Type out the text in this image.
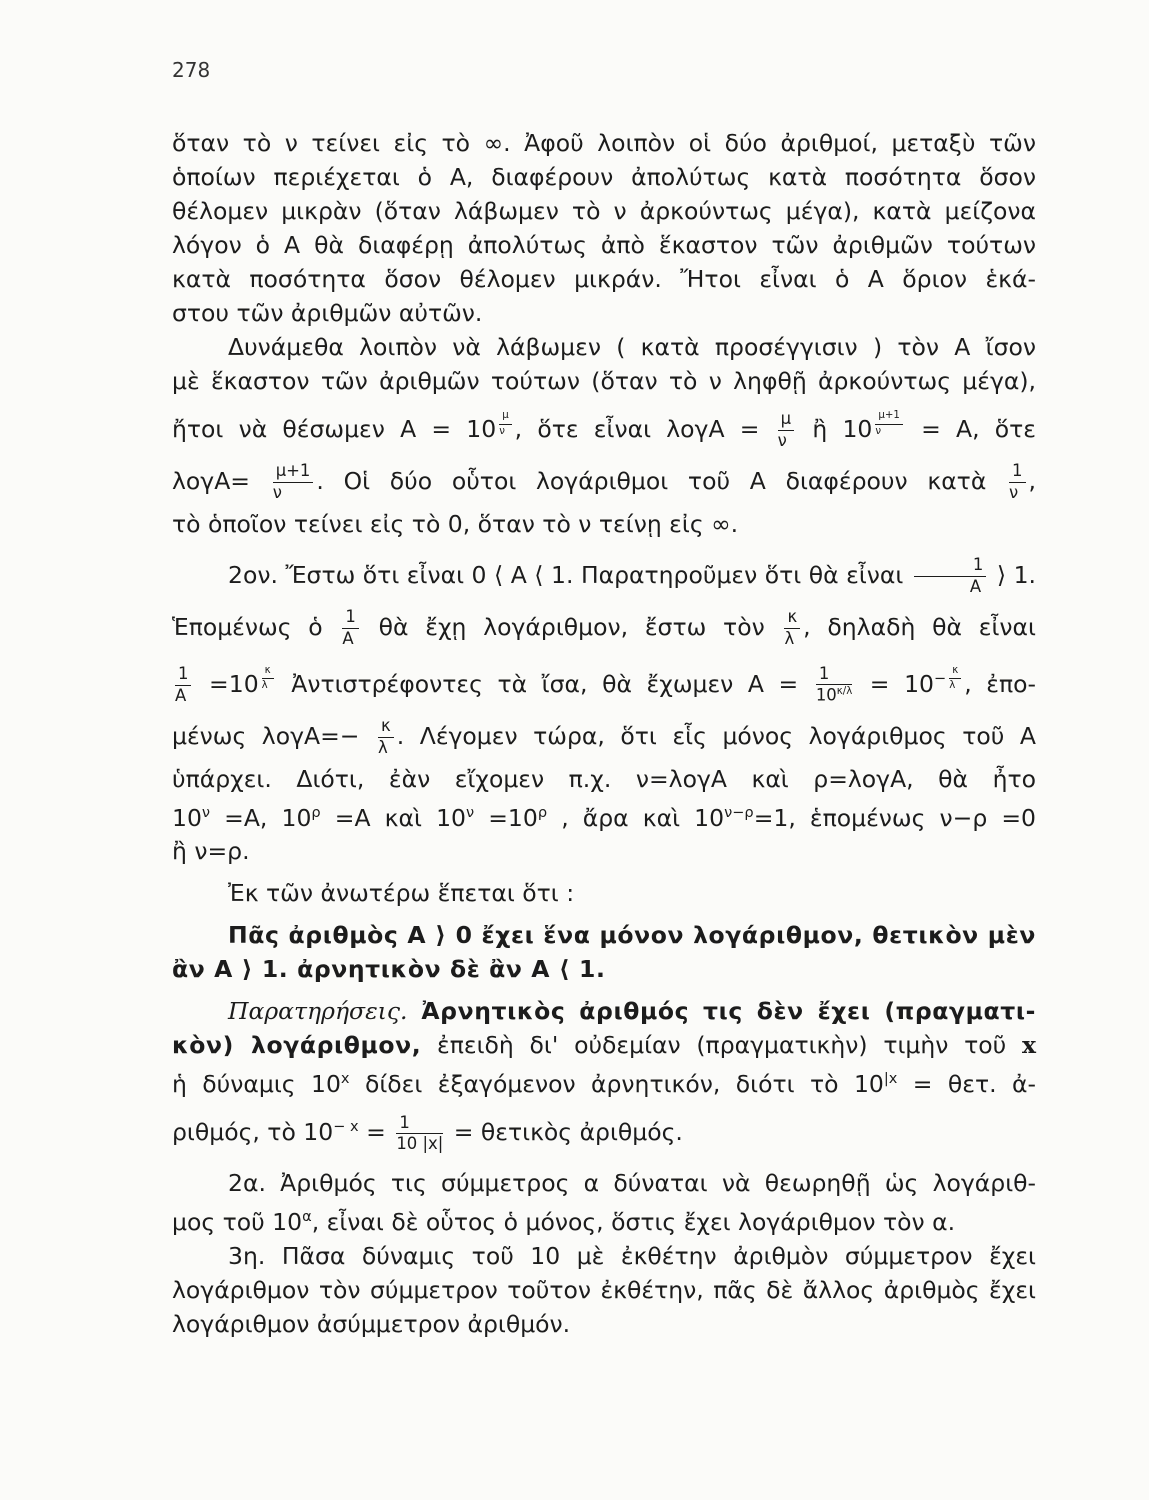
278

ὅταν τὸ ν τείνει εἰς τὸ ∞. Ἀφοῦ λοιπὸν οἱ δύο ἀριθμοί, μεταξὺ τῶν

ὁποίων περιέχεται ὁ Α, διαφέρουν ἀπολύτως κατὰ ποσότητα ὅσον

θέλομεν μικρὰν (ὅταν λάβωμεν τὸ ν ἀρκούντως μέγα), κατὰ μείζονα

λόγον ὁ Α θὰ διαφέρῃ ἀπολύτως ἀπὸ ἕκαστον τῶν ἀριθμῶν τούτων

κατὰ ποσότητα ὅσον θέλομεν μικράν. Ἤτοι εἶναι ὁ Α ὅριον ἑκά-

στου τῶν ἀριθμῶν αὐτῶν.

Δυνάμεθα λοιπὸν νὰ λάβωμεν ( κατὰ προσέγγισιν ) τὸν Α ἴσον

μὲ ἕκαστον τῶν ἀριθμῶν τούτων (ὅταν τὸ ν ληφθῇ ἀρκούντως μέγα),

ἤτοι νὰ θέσωμεν Α = 10 $^{\frac{\mu}{\nu}}$ , ὅτε εἶναι $\lambda o\gamma A = \frac{\mu}{\nu}$ ἢ 10 $^{\frac{\mu+1}{\nu}}$ = Α, ὅτε

$\lambda o\gamma A= \frac{\mu+1}{\nu}$ . Οἱ δύο οὗτοι λογάριθμοι τοῦ Α διαφέρουν κατὰ $\frac{1}{\nu}$ ,

τὸ ὁποῖον τείνει εἰς τὸ 0, ὅταν τὸ ν τείνῃ εἰς ∞.

2ον. Ἔστω ὅτι εἶναι 0 ⟨ Α ⟨ 1. Παρατηροῦμεν ὅτι θὰ εἶναι $\frac{1}{A}$ ⟩ 1.

Ἑπομένως ὁ $\frac{1}{A}$ θὰ ἔχῃ λογάριθμον, ἔστω τὸν $\frac{\kappa}{\lambda}$ , δηλαδὴ θὰ εἶναι

$\frac{1}{A} =10$ $^{\frac{\kappa}{\lambda}}$ Ἀντιστρέφοντες τὰ ἴσα, θὰ ἔχωμεν $A = \frac{1}{10^{\kappa/\lambda}} = 10^{- \frac{\kappa}{\lambda}}$ , ἐπο-

μένως $\lambda o\gamma A=- \frac{\kappa}{\lambda}$ . Λέγομεν τώρα, ὅτι εἷς μόνος λογάριθμος τοῦ Α

ὑπάρχει. Διότι, ἐὰν εἴχομεν π.χ. ν=λογΑ καὶ ρ=λογΑ, θὰ ἦτο

$10^\nu =A$, $10^\rho =A$ καὶ $10^\nu =10^\rho$ , ἄρα καὶ $10^{\nu-\rho}=1$, ἑπομένως ν−ρ =0

ἢ ν=ρ.

Ἐκ τῶν ἀνωτέρω ἕπεται ὅτι :

Πᾶς ἀριθμὸς Α ⟩ 0 ἔχει ἕνα μόνον λογάριθμον, θετικὸν μὲν

ἂν Α ⟩ 1. ἀρνητικὸν δὲ ἂν Α ⟨ 1.

Παρατηρήσεις. Ἀρνητικὸς ἀριθμός τις δὲν ἔχει (πραγματι-

κὸν) λογάριθμον, ἐπειδὴ δι' οὐδεμίαν (πραγματικὴν) τιμὴν τοῦ x

ἡ δύναμις 10$^x$ δίδει ἐξαγόμενον ἀρνητικόν, διότι τὸ $10^{|x} = \theta\varepsilon\tau$. ἀ-

ριθμός, τὸ $10^{- x} = \frac{1}{10 |x|}$ = θετικὸς ἀριθμός.

2α. Ἀριθμός τις σύμμετρος α δύναται νὰ θεωρηθῇ ὡς λογάριθ-

μος τοῦ $10^\alpha$, εἶναι δὲ οὗτος ὁ μόνος, ὅστις ἔχει λογάριθμον τὸν α.

3η. Πᾶσα δύναμις τοῦ 10 μὲ ἐκθέτην ἀριθμὸν σύμμετρον ἔχει

λογάριθμον τὸν σύμμετρον τοῦτον ἐκθέτην, πᾶς δὲ ἄλλος ἀριθμὸς ἔχει

λογάριθμον ἀσύμμετρον ἀριθμόν.
